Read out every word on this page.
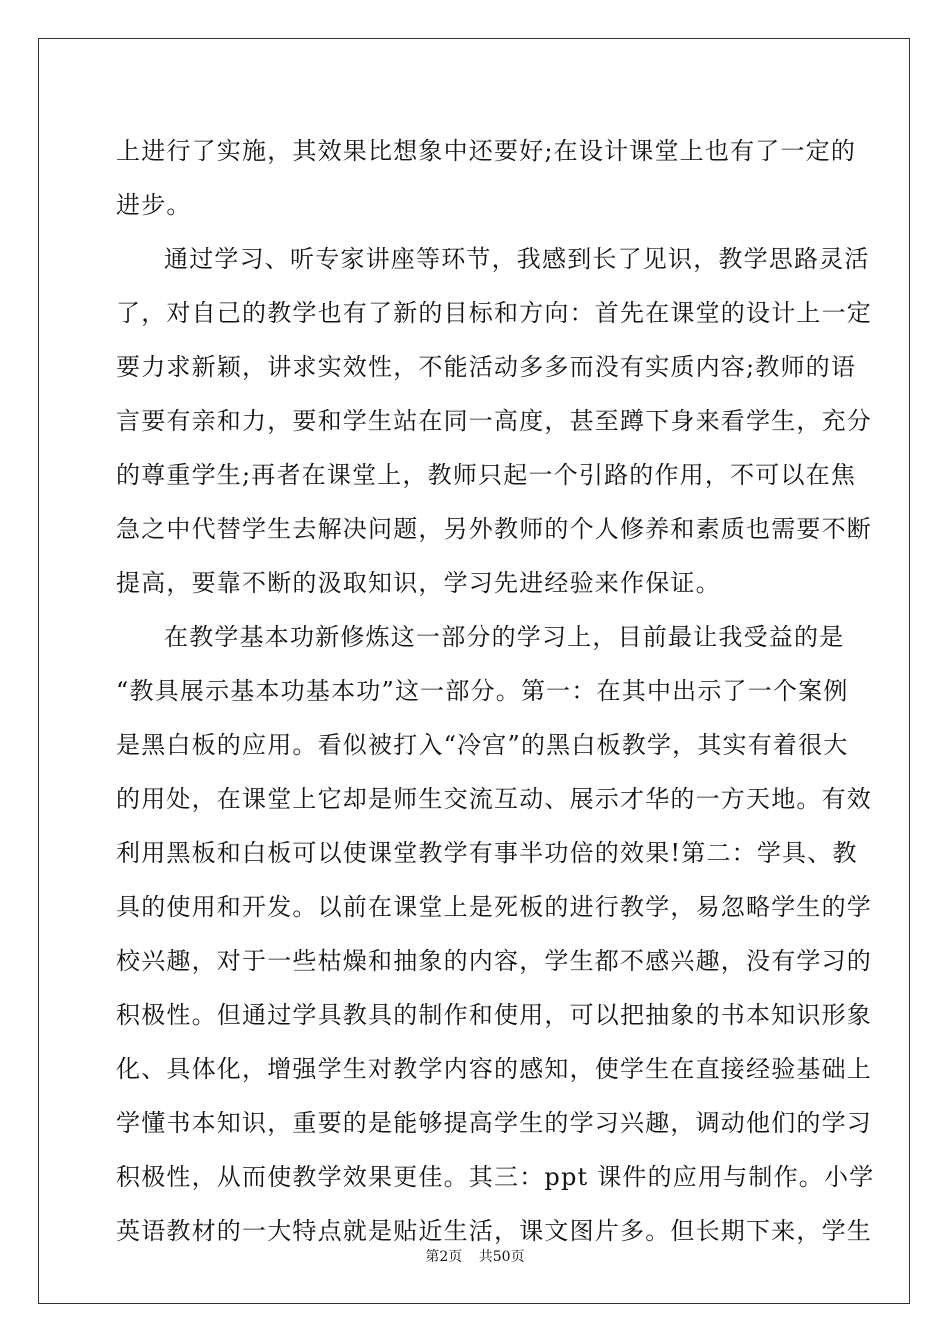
上进行了实施，其效果比想象中还要好;在设计课堂上也有了一定的
进步。
通过学习、听专家讲座等环节，我感到长了见识，教学思路灵活
了，对自己的教学也有了新的目标和方向：首先在课堂的设计上一定
要力求新颖，讲求实效性，不能活动多多而没有实质内容;教师的语
言要有亲和力，要和学生站在同一高度，甚至蹲下身来看学生，充分
的尊重学生;再者在课堂上，教师只起一个引路的作用，不可以在焦
急之中代替学生去解决问题，另外教师的个人修养和素质也需要不断
提高，要靠不断的汲取知识，学习先进经验来作保证。
在教学基本功新修炼这一部分的学习上，目前最让我受益的是
“教具展示基本功基本功”这一部分。第一：在其中出示了一个案例
是黑白板的应用。看似被打入“冷宫”的黑白板教学，其实有着很大
的用处，在课堂上它却是师生交流互动、展示才华的一方天地。有效
利用黑板和白板可以使课堂教学有事半功倍的效果!第二：学具、教
具的使用和开发。以前在课堂上是死板的进行教学，易忽略学生的学
校兴趣，对于一些枯燥和抽象的内容，学生都不感兴趣，没有学习的
积极性。但通过学具教具的制作和使用，可以把抽象的书本知识形象
化、具体化，增强学生对教学内容的感知，使学生在直接经验基础上
学懂书本知识，重要的是能够提高学生的学习兴趣，调动他们的学习
积极性，从而使教学效果更佳。其三：ppt 课件的应用与制作。小学
英语教材的一大特点就是贴近生活，课文图片多。但长期下来，学生
第2页 共50页
